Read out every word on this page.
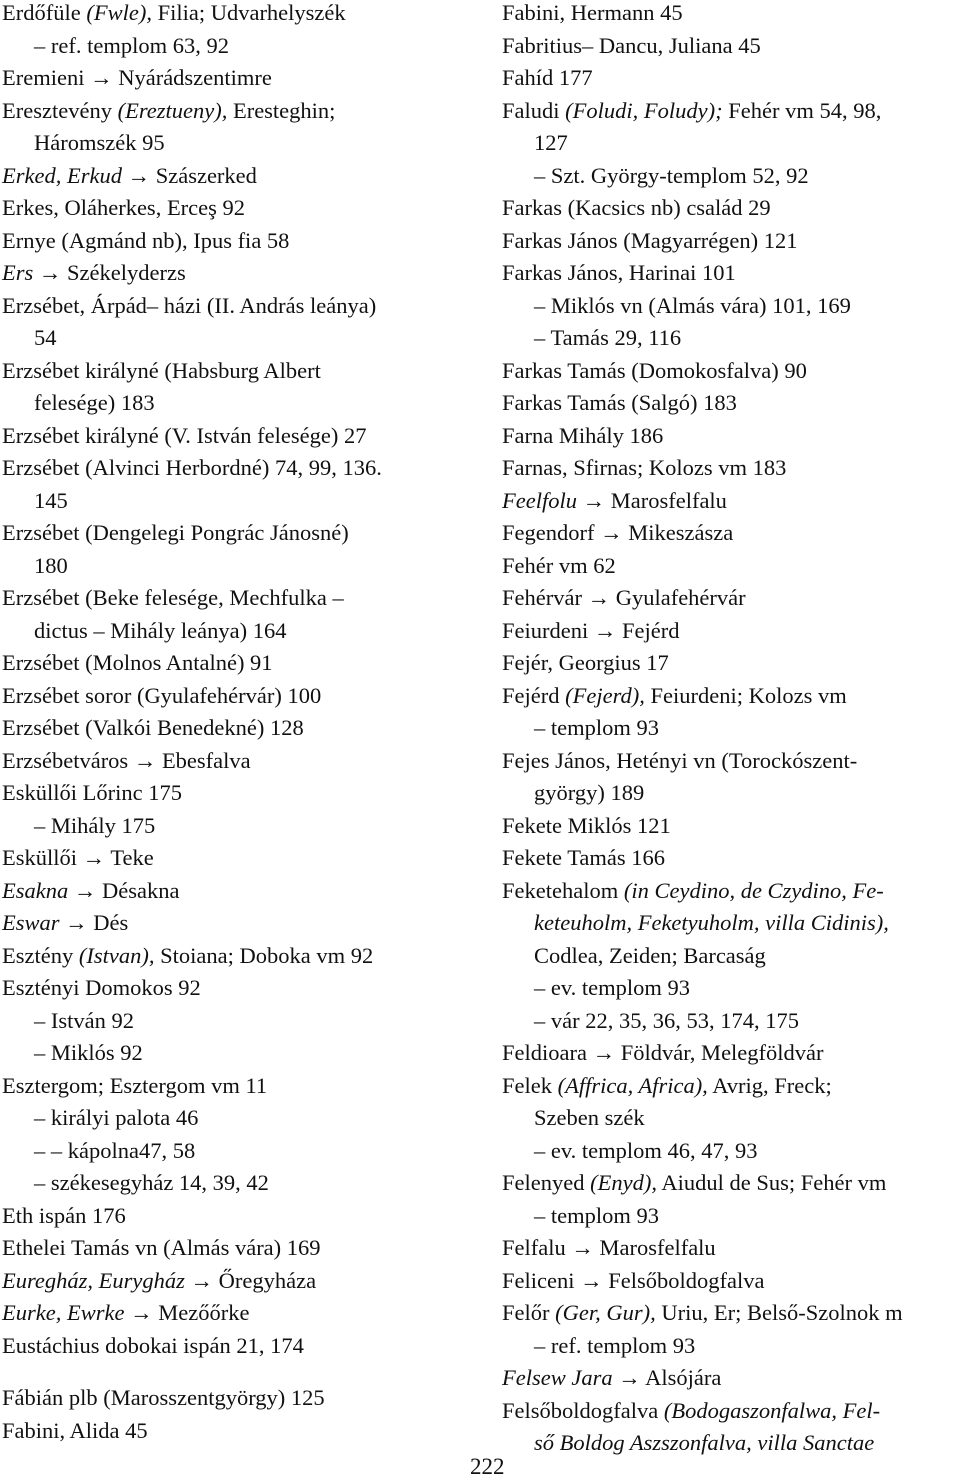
Erdőfüle (Fwle), Filia; Udvarhelyszék
– ref. templom 63, 92
Eremieni → Nyárádszentimre
Eresztevény (Ereztueny), Eresteghin;
Háromszék 95
Erked, Erkud → Szászerked
Erkes, Oláherkes, Erceş 92
Ernye (Agmánd nb), Ipus fia 58
Ers → Székelyderzs
Erzsébet, Árpád– házi (II. András leánya)
54
Erzsébet királyné (Habsburg Albert
felesége) 183
Erzsébet királyné (V. István felesége) 27
Erzsébet (Alvinci Herbordné) 74, 99, 136.
145
Erzsébet (Dengelegi Pongrác Jánosné)
180
Erzsébet (Beke felesége, Mechfulka –
dictus – Mihály leánya) 164
Erzsébet (Molnos Antalné) 91
Erzsébet soror (Gyulafehérvár) 100
Erzsébet (Valkói Benedekné) 128
Erzsébetváros → Ebesfalva
Esküllői Lőrinc 175
– Mihály 175
Esküllői → Teke
Esakna → Désakna
Eswar → Dés
Esztény (Istvan), Stoiana; Doboka vm 92
Esztényi Domokos 92
– István 92
– Miklós 92
Esztergom; Esztergom vm 11
– királyi palota 46
– – kápolna47, 58
– székesegyház 14, 39, 42
Eth ispán 176
Ethelei Tamás vn (Almás vára) 169
Euregház, Eurygház → Őregyháza
Eurke, Ewrke → Mezőőrke
Eustáchius dobokai ispán 21, 174
Fábián plb (Marosszentgyörgy) 125
Fabini, Alida 45
Fabini, Hermann 45
Fabritius– Dancu, Juliana 45
Fahíd 177
Faludi (Foludi, Foludy); Fehér vm 54, 98,
127
– Szt. György-templom 52, 92
Farkas (Kacsics nb) család 29
Farkas János (Magyarrégen) 121
Farkas János, Harinai 101
– Miklós vn (Almás vára) 101, 169
– Tamás 29, 116
Farkas Tamás (Domokosfalva) 90
Farkas Tamás (Salgó) 183
Farna Mihály 186
Farnas, Sfirnas; Kolozs vm 183
Feelfolu → Marosfelfalu
Fegendorf → Mikeszásza
Fehér vm 62
Fehérvár → Gyulafehérvár
Feiurdeni → Fejérd
Fejér, Georgius 17
Fejérd (Fejerd), Feiurdeni; Kolozs vm
– templom 93
Fejes János, Hetényi vn (Torockószent-
györgy) 189
Fekete Miklós 121
Fekete Tamás 166
Feketehalom (in Ceydino, de Czydino, Fe-
keteuholm, Feketyuholm, villa Cidinis),
Codlea, Zeiden; Barcaság
– ev. templom 93
– vár 22, 35, 36, 53, 174, 175
Feldioara → Földvár, Melegföldvár
Felek (Affrica, Africa), Avrig, Freck;
Szeben szék
– ev. templom 46, 47, 93
Felenyed (Enyd), Aiudul de Sus; Fehér vm
– templom 93
Felfalu → Marosfelfalu
Feliceni → Felsőboldogfalva
Felőr (Ger, Gur), Uriu, Er; Belső-Szolnok m
– ref. templom 93
Felsew Jara → Alsójára
Felsőboldogfalva (Bodogaszonfalwa, Fel-
ső Boldog Aszszonfalva, villa Sanctae
222
